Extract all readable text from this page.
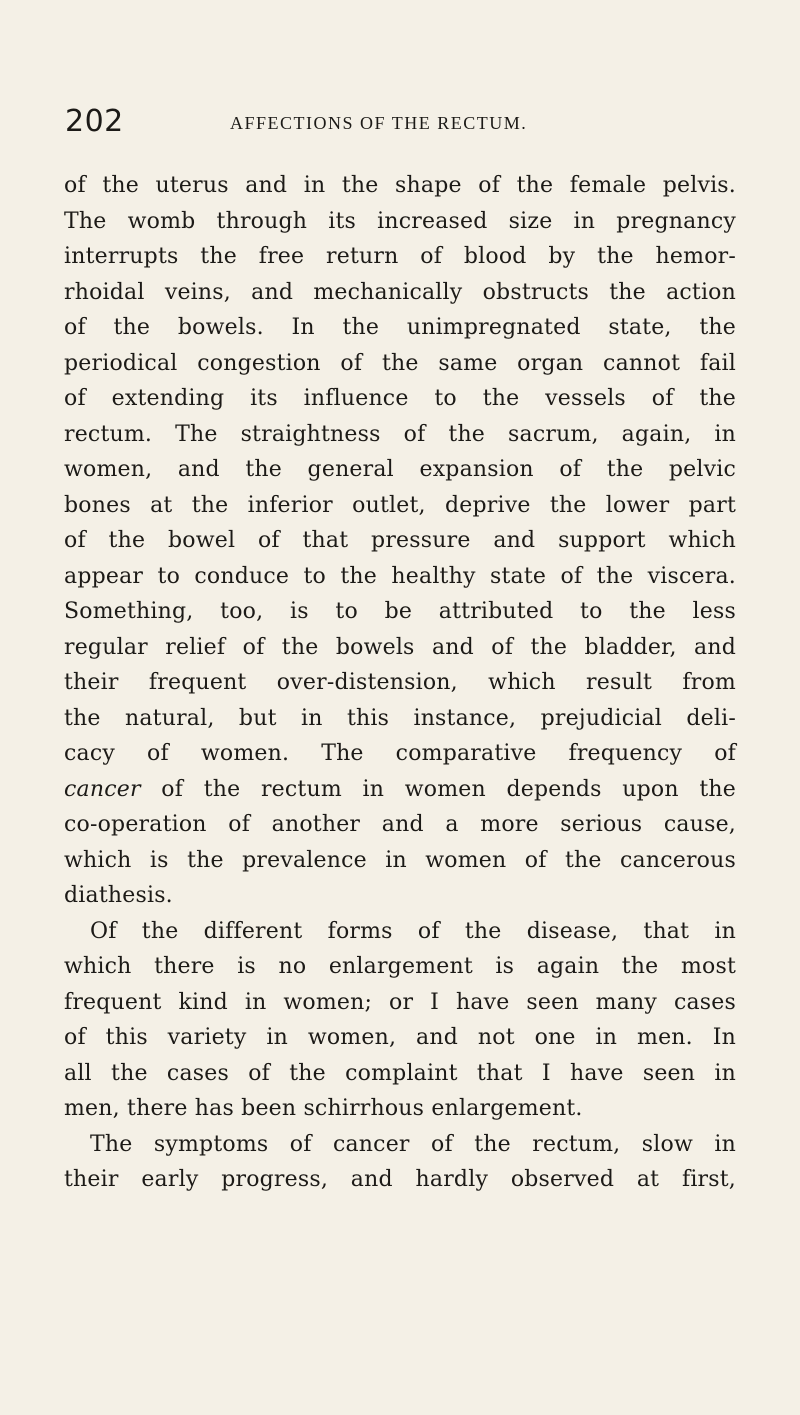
202	AFFECTIONS OF THE RECTUM.
of the uterus and in the shape of the female pelvis.
The womb through its increased size in pregnancy
interrupts the free return of blood by the hemor-
rhoidal veins, and mechanically obstructs the action
of the bowels. In the unimpregnated state, the
periodical congestion of the same organ cannot fail
of extending its influence to the vessels of the
rectum. The straightness of the sacrum, again, in
women, and the general expansion of the pelvic
bones at the inferior outlet, deprive the lower part
of the bowel of that pressure and support which
appear to conduce to the healthy state of the viscera.
Something, too, is to be attributed to the less
regular relief of the bowels and of the bladder, and
their frequent over-distension, which result from
the natural, but in this instance, prejudicial deli-
cacy of women. The comparative frequency of
cancer of the rectum in women depends upon the
co-operation of another and a more serious cause,
which is the prevalence in women of the cancerous
diathesis.
Of the different forms of the disease, that in
which there is no enlargement is again the most
frequent kind in women; or I have seen many cases
of this variety in women, and not one in men. In
all the cases of the complaint that I have seen in
men, there has been schirrhous enlargement.
The symptoms of cancer of the rectum, slow in
their early progress, and hardly observed at first,
